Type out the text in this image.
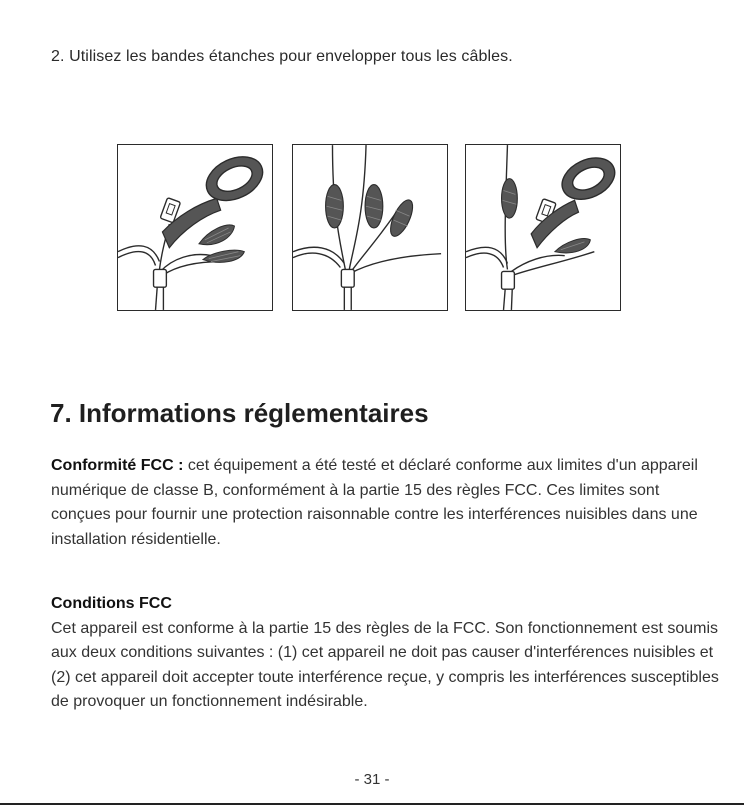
2. Utilisez les bandes étanches pour envelopper tous les câbles.
7. Informations réglementaires

Conformité FCC : cet équipement a été testé et déclaré conforme aux limites d'un appareil numérique de classe B, conformément à la partie 15 des règles FCC. Ces limites sont conçues pour fournir une protection raisonnable contre les interférences nuisibles dans une installation résidentielle.

Conditions FCC
Cet appareil est conforme à la partie 15 des règles de la FCC. Son fonctionnement est soumis aux deux conditions suivantes : (1) cet appareil ne doit pas causer d'interférences nuisibles et (2) cet appareil doit accepter toute interférence reçue, y compris les interférences susceptibles de provoquer un fonctionnement indésirable.

- 31 -
